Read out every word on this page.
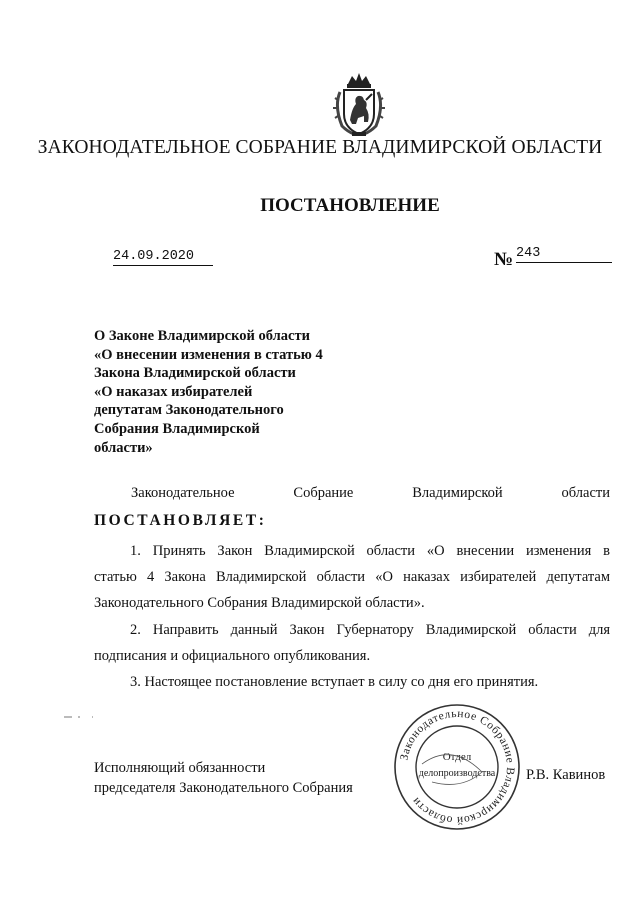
ЗАКОНОДАТЕЛЬНОЕ СОБРАНИЕ ВЛАДИМИРСКОЙ ОБЛАСТИ
ПОСТАНОВЛЕНИЕ
24.09.2020	№ 243
О Законе Владимирской области
«О внесении изменения в статью 4
Закона Владимирской области
«О наказах избирателей
депутатам Законодательного
Собрания Владимирской
области»
Законодательное	Собрание	Владимирской	области
ПОСТАНОВЛЯЕТ:
1. Принять Закон Владимирской области «О внесении изменения в
статью 4 Закона Владимирской области «О наказах избирателей депутатам
Законодательного Собрания Владимирской области».
2. Направить данный Закон Губернатору Владимирской области для
подписания и официального опубликования.
3. Настоящее постановление вступает в силу со дня его принятия.
Исполняющий обязанности
председателя Законодательного Собрания
Законодательное Собрание Владимирской области
Отдел
делопроизводства Р.В. Кавинов
